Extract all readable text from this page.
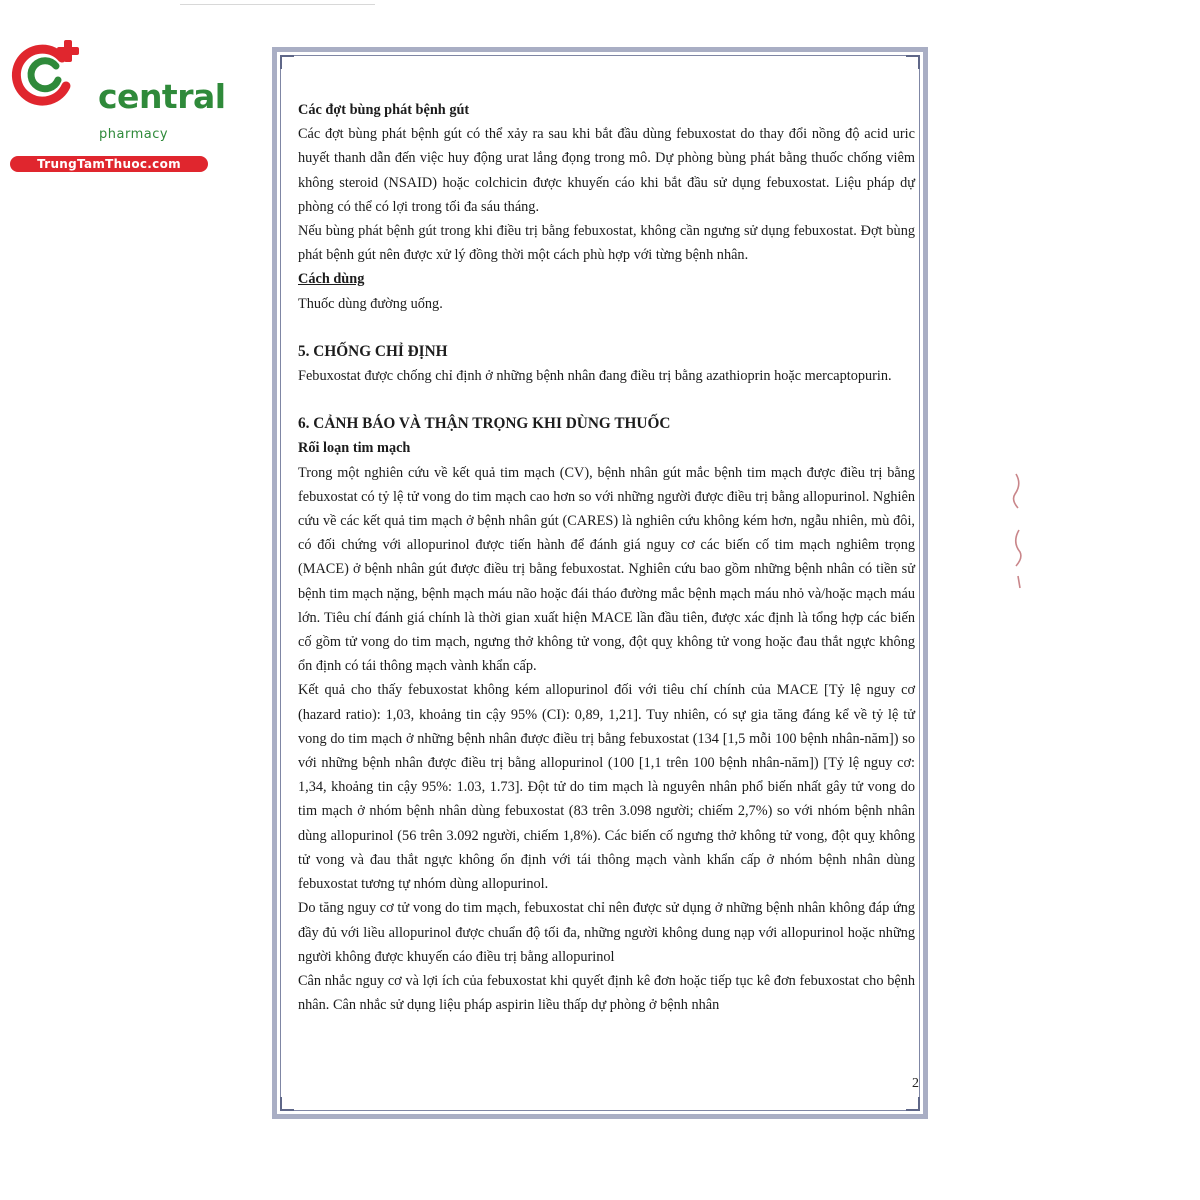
central
pharmacy
TrungTamThuoc.com
Các đợt bùng phát bệnh gút

Các đợt bùng phát bệnh gút có thể xảy ra sau khi bắt đầu dùng febuxostat do thay đổi nồng độ acid uric huyết thanh dẫn đến việc huy động urat lắng đọng trong mô. Dự phòng bùng phát bằng thuốc chống viêm không steroid (NSAID) hoặc colchicin được khuyến cáo khi bắt đầu sử dụng febuxostat. Liệu pháp dự phòng có thể có lợi trong tối đa sáu tháng.

Nếu bùng phát bệnh gút trong khi điều trị bằng febuxostat, không cần ngưng sử dụng febuxostat. Đợt bùng phát bệnh gút nên được xử lý đồng thời một cách phù hợp với từng bệnh nhân.

Cách dùng

Thuốc dùng đường uống.

5. CHỐNG CHỈ ĐỊNH

Febuxostat được chống chỉ định ở những bệnh nhân đang điều trị bằng azathioprin hoặc mercaptopurin.

6. CẢNH BÁO VÀ THẬN TRỌNG KHI DÙNG THUỐC
Rối loạn tim mạch

Trong một nghiên cứu về kết quả tim mạch (CV), bệnh nhân gút mắc bệnh tim mạch được điều trị bằng febuxostat có tỷ lệ tử vong do tim mạch cao hơn so với những người được điều trị bằng allopurinol. Nghiên cứu về các kết quả tim mạch ở bệnh nhân gút (CARES) là nghiên cứu không kém hơn, ngẫu nhiên, mù đôi, có đối chứng với allopurinol được tiến hành để đánh giá nguy cơ các biến cố tim mạch nghiêm trọng (MACE) ở bệnh nhân gút được điều trị bằng febuxostat. Nghiên cứu bao gồm những bệnh nhân có tiền sử bệnh tim mạch nặng, bệnh mạch máu não hoặc đái tháo đường mắc bệnh mạch máu nhỏ và/hoặc mạch máu lớn. Tiêu chí đánh giá chính là thời gian xuất hiện MACE lần đầu tiên, được xác định là tổng hợp các biến cố gồm tử vong do tim mạch, ngưng thở không tử vong, đột quỵ không tử vong hoặc đau thắt ngực không ổn định có tái thông mạch vành khẩn cấp.

Kết quả cho thấy febuxostat không kém allopurinol đối với tiêu chí chính của MACE [Tỷ lệ nguy cơ (hazard ratio): 1,03, khoảng tin cậy 95% (CI): 0,89, 1,21]. Tuy nhiên, có sự gia tăng đáng kể về tỷ lệ tử vong do tim mạch ở những bệnh nhân được điều trị bằng febuxostat (134 [1,5 mỗi 100 bệnh nhân-năm]) so với những bệnh nhân được điều trị bằng allopurinol (100 [1,1 trên 100 bệnh nhân-năm]) [Tỷ lệ nguy cơ: 1,34, khoảng tin cậy 95%: 1.03, 1.73]. Đột tử do tim mạch là nguyên nhân phổ biến nhất gây tử vong do tim mạch ở nhóm bệnh nhân dùng febuxostat (83 trên 3.098 người; chiếm 2,7%) so với nhóm bệnh nhân dùng allopurinol (56 trên 3.092 người, chiếm 1,8%). Các biến cố ngưng thở không tử vong, đột quỵ không tử vong và đau thắt ngực không ổn định với tái thông mạch vành khẩn cấp ở nhóm bệnh nhân dùng febuxostat tương tự nhóm dùng allopurinol.

Do tăng nguy cơ tử vong do tim mạch, febuxostat chỉ nên được sử dụng ở những bệnh nhân không đáp ứng đầy đủ với liều allopurinol được chuẩn độ tối đa, những người không dung nạp với allopurinol hoặc những người không được khuyến cáo điều trị bằng allopurinol

Cân nhắc nguy cơ và lợi ích của febuxostat khi quyết định kê đơn hoặc tiếp tục kê đơn febuxostat cho bệnh nhân. Cân nhắc sử dụng liệu pháp aspirin liều thấp dự phòng ở bệnh nhân

2
